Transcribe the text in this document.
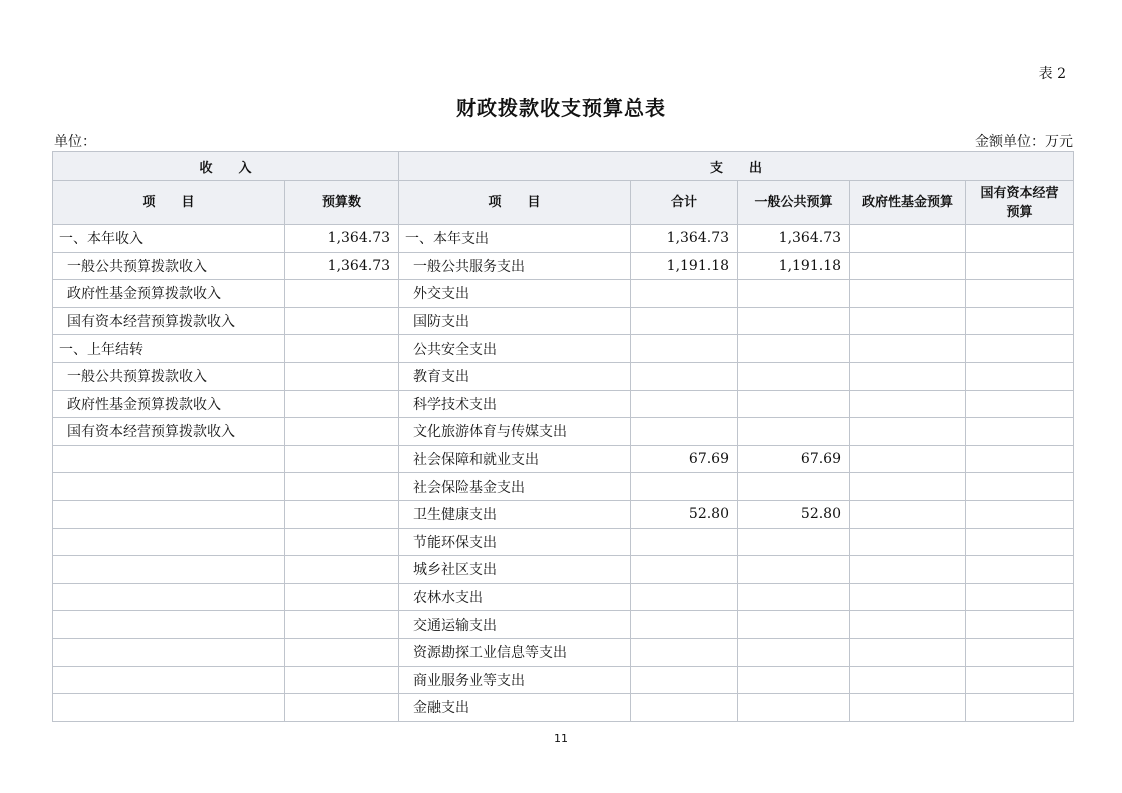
表 2
财政拨款收支预算总表
单位：	金额单位：万元
收　　入		支　　出				
项　　目	预算数	项　　目	合计	一般公共预算	政府性基金预算	国有资本经营
预算
一、本年收入	1,364.73	一、本年支出	1,364.73	1,364.73		
一般公共预算拨款收入	1,364.73	一般公共服务支出	1,191.18	1,191.18		
政府性基金预算拨款收入		外交支出				
国有资本经营预算拨款收入		国防支出				
一、上年结转		公共安全支出				
一般公共预算拨款收入		教育支出				
政府性基金预算拨款收入		科学技术支出				
国有资本经营预算拨款收入		文化旅游体育与传媒支出				
		社会保障和就业支出	67.69	67.69		
		社会保险基金支出				
		卫生健康支出	52.80	52.80		
		节能环保支出				
		城乡社区支出				
		农林水支出				
		交通运输支出				
		资源勘探工业信息等支出				
		商业服务业等支出				
		金融支出				
11
